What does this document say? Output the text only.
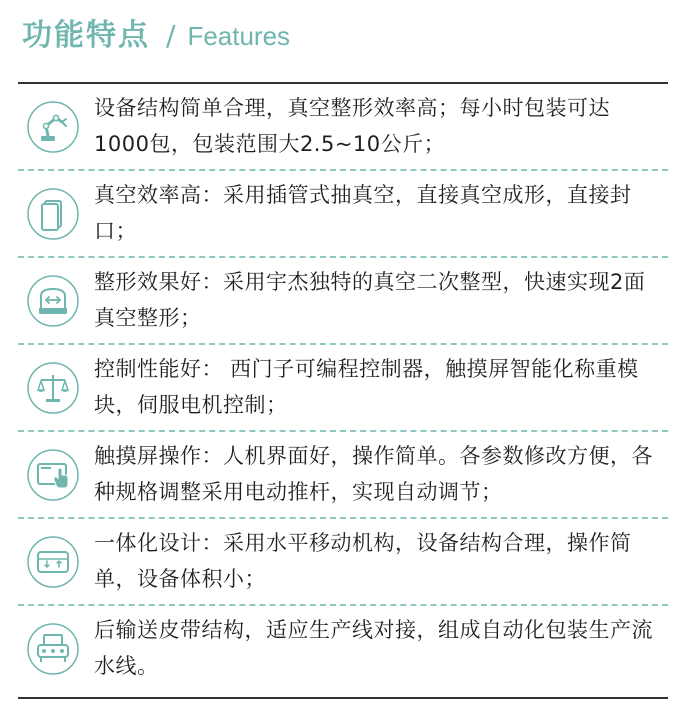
功能特点 / Features

设备结构简单合理，真空整形效率高；每小时包装可达1000包，包装范围大2.5~10公斤；

真空效率高：采用插管式抽真空，直接真空成形，直接封口；

整形效果好：采用宇杰独特的真空二次整型，快速实现2面真空整形；

控制性能好： 西门子可编程控制器，触摸屏智能化称重模块，伺服电机控制；

触摸屏操作：人机界面好，操作简单。各参数修改方便，各种规格调整采用电动推杆，实现自动调节；

一体化设计：采用水平移动机构，设备结构合理，操作简单，设备体积小；

后输送皮带结构，适应生产线对接，组成自动化包装生产流水线。
